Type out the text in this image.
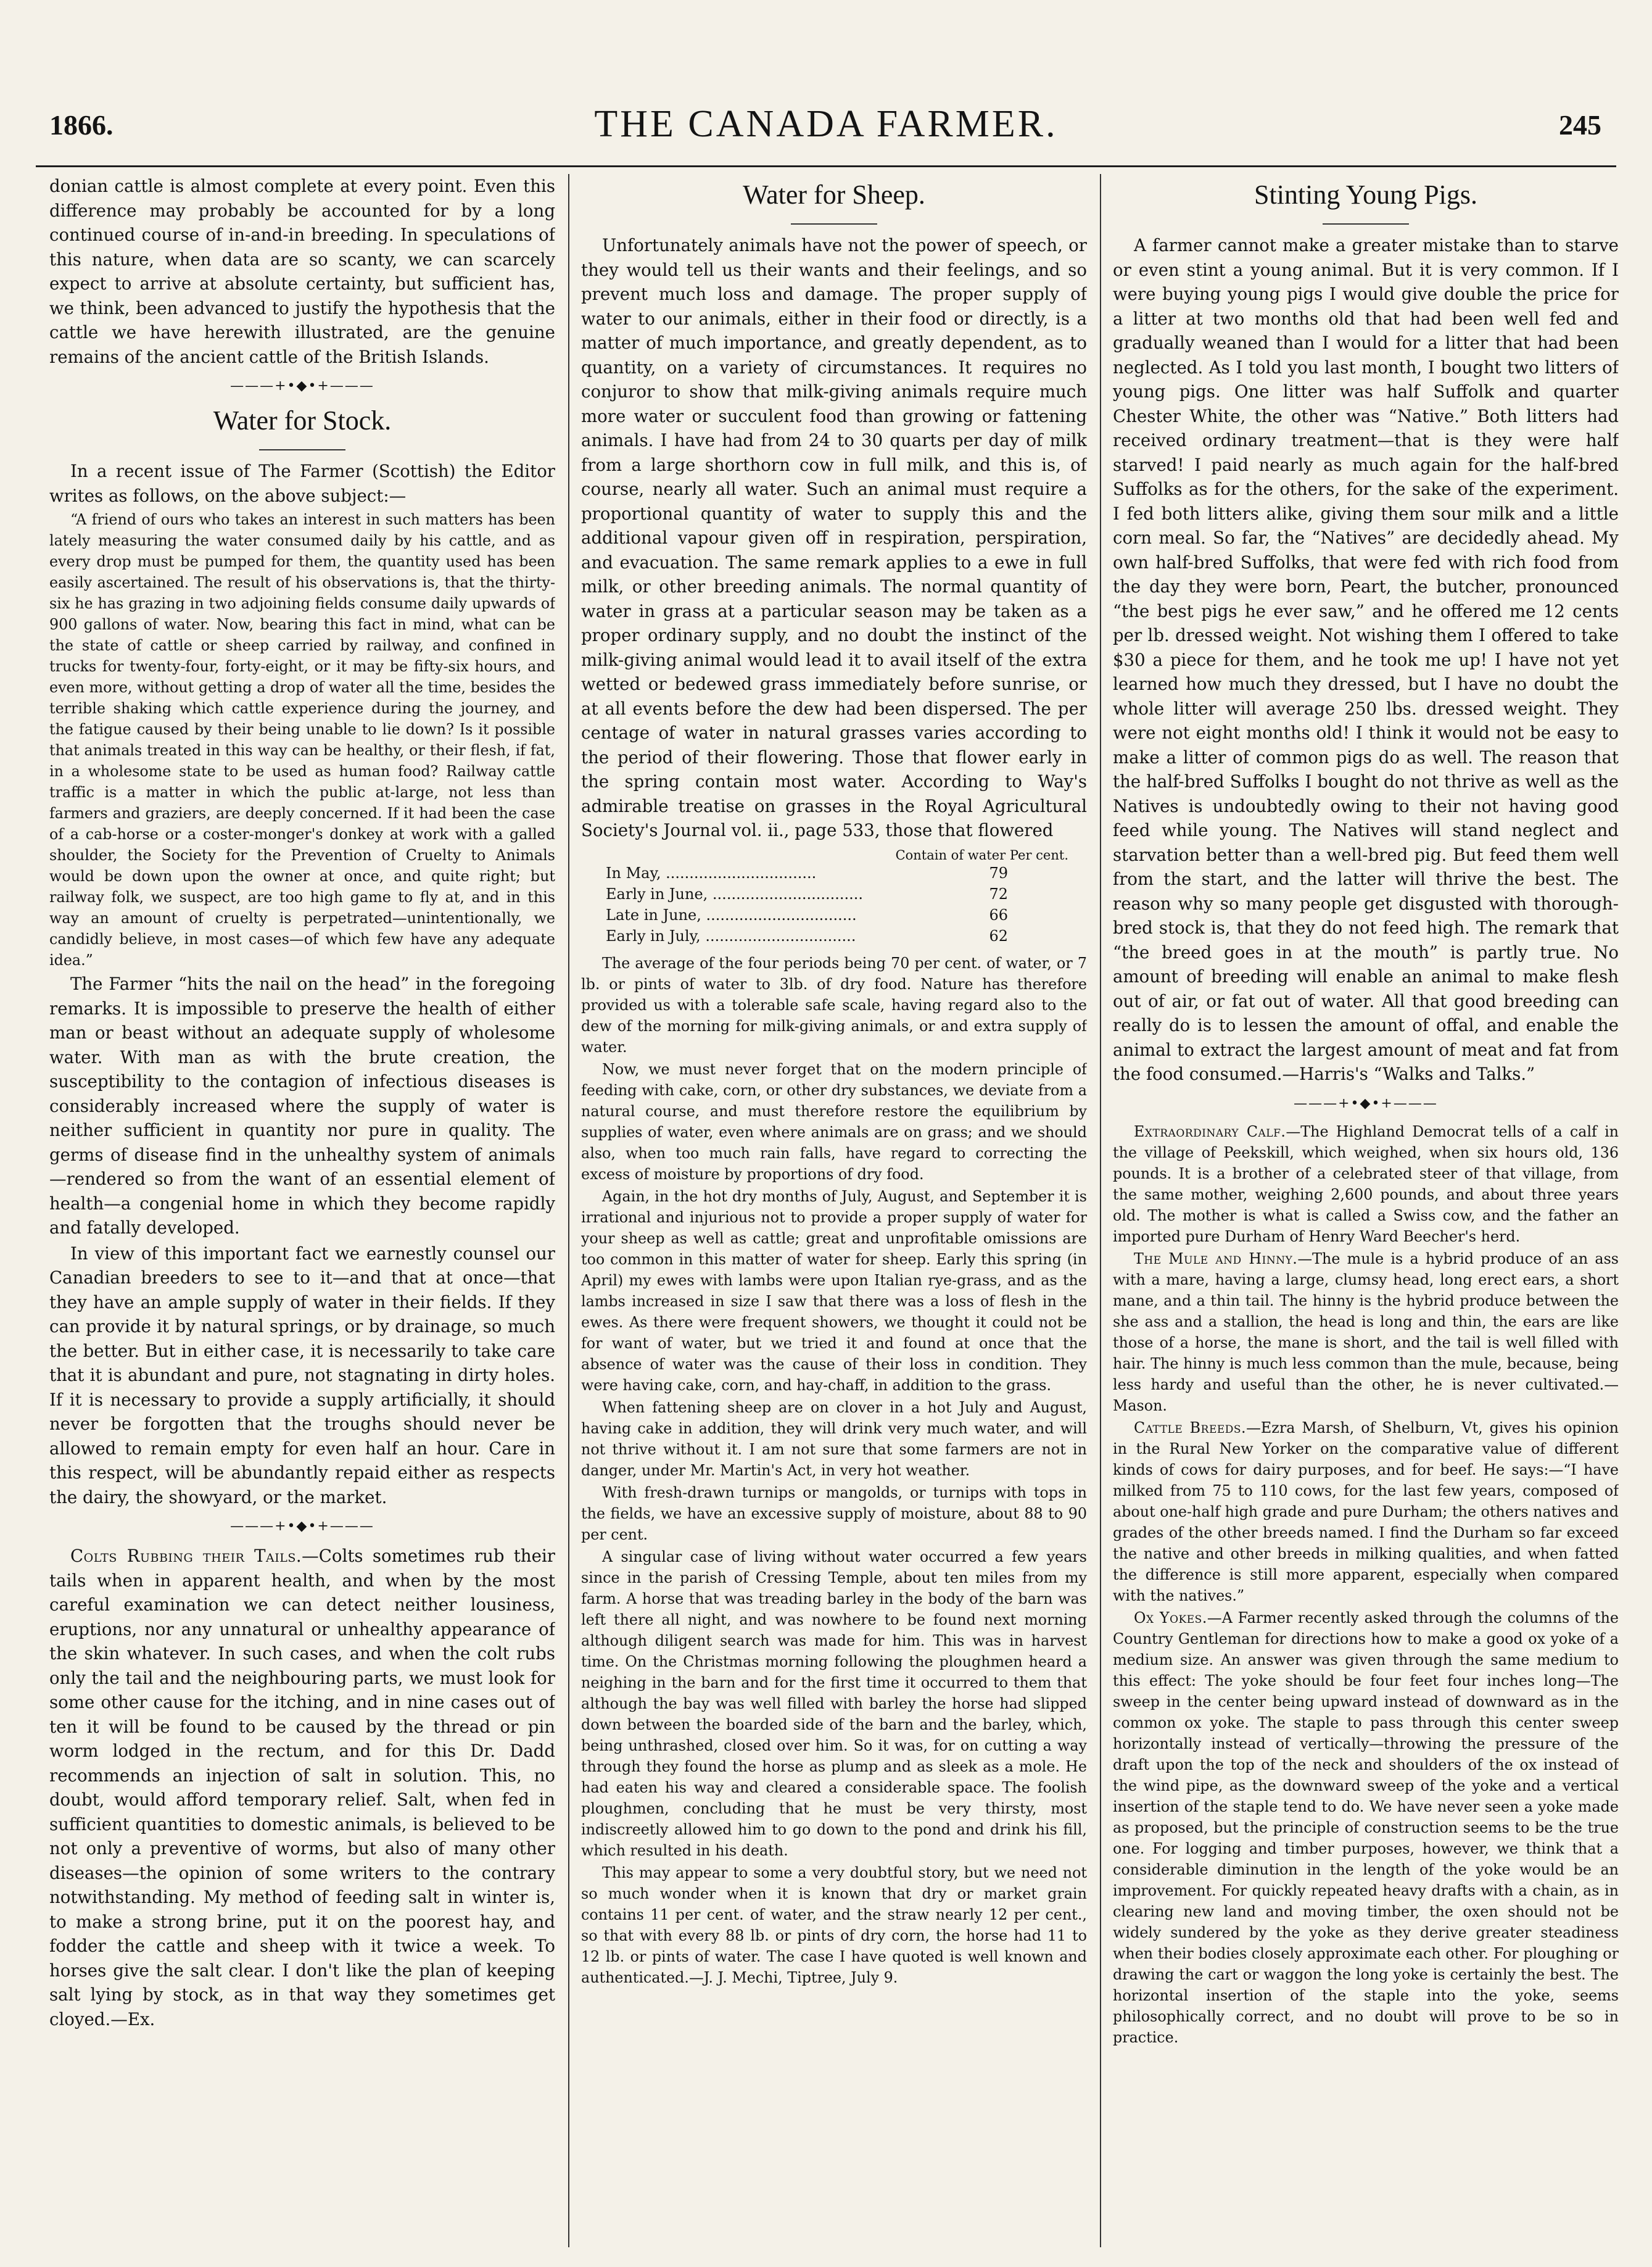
1866.	THE CANADA FARMER.	245

donian cattle is almost complete at every point. Even this difference may probably be accounted for by a long continued course of in-and-in breeding. In speculations of this nature, when data are so scanty, we can scarcely expect to arrive at absolute certainty, but sufficient has, we think, been advanced to justify the hypothesis that the cattle we have herewith illustrated, are the genuine remains of the ancient cattle of the British Islands.

———+•◆•+———
Water for Stock.

In a recent issue of The Farmer (Scottish) the Editor writes as follows, on the above subject:—

“A friend of ours who takes an interest in such matters has been lately measuring the water consumed daily by his cattle, and as every drop must be pumped for them, the quantity used has been easily ascertained. The result of his observations is, that the thirty-six he has grazing in two adjoining fields consume daily upwards of 900 gallons of water. Now, bearing this fact in mind, what can be the state of cattle or sheep carried by railway, and confined in trucks for twenty-four, forty-eight, or it may be fifty-six hours, and even more, without getting a drop of water all the time, besides the terrible shaking which cattle experience during the journey, and the fatigue caused by their being unable to lie down? Is it possible that animals treated in this way can be healthy, or their flesh, if fat, in a wholesome state to be used as human food? Railway cattle traffic is a matter in which the public at-large, not less than farmers and graziers, are deeply concerned. If it had been the case of a cab-horse or a coster-monger's donkey at work with a galled shoulder, the Society for the Prevention of Cruelty to Animals would be down upon the owner at once, and quite right; but railway folk, we suspect, are too high game to fly at, and in this way an amount of cruelty is perpetrated—unintentionally, we candidly believe, in most cases—of which few have any adequate idea.”

The Farmer “hits the nail on the head” in the foregoing remarks. It is impossible to preserve the health of either man or beast without an adequate supply of wholesome water. With man as with the brute creation, the susceptibility to the contagion of infectious diseases is considerably increased where the supply of water is neither sufficient in quantity nor pure in quality. The germs of disease find in the unhealthy system of animals—rendered so from the want of an essential element of health—a congenial home in which they become rapidly and fatally developed.

In view of this important fact we earnestly counsel our Canadian breeders to see to it—and that at once—that they have an ample supply of water in their fields. If they can provide it by natural springs, or by drainage, so much the better. But in either case, it is necessarily to take care that it is abundant and pure, not stagnating in dirty holes. If it is necessary to provide a supply artificially, it should never be forgotten that the troughs should never be allowed to remain empty for even half an hour. Care in this respect, will be abundantly repaid either as respects the dairy, the showyard, or the market.

———+•◆•+———

Colts Rubbing their Tails.—Colts sometimes rub their tails when in apparent health, and when by the most careful examination we can detect neither lousiness, eruptions, nor any unnatural or unhealthy appearance of the skin whatever. In such cases, and when the colt rubs only the tail and the neighbouring parts, we must look for some other cause for the itching, and in nine cases out of ten it will be found to be caused by the thread or pin worm lodged in the rectum, and for this Dr. Dadd recommends an injection of salt in solution. This, no doubt, would afford temporary relief. Salt, when fed in sufficient quantities to domestic animals, is believed to be not only a preventive of worms, but also of many other diseases—the opinion of some writers to the contrary notwithstanding. My method of feeding salt in winter is, to make a strong brine, put it on the poorest hay, and fodder the cattle and sheep with it twice a week. To horses give the salt clear. I don't like the plan of keeping salt lying by stock, as in that way they sometimes get cloyed.—Ex.

Water for Sheep.

Unfortunately animals have not the power of speech, or they would tell us their wants and their feelings, and so prevent much loss and damage. The proper supply of water to our animals, either in their food or directly, is a matter of much importance, and greatly dependent, as to quantity, on a variety of circumstances. It requires no conjuror to show that milk-giving animals require much more water or succulent food than growing or fattening animals. I have had from 24 to 30 quarts per day of milk from a large shorthorn cow in full milk, and this is, of course, nearly all water. Such an animal must require a proportional quantity of water to supply this and the additional vapour given off in respiration, perspiration, and evacuation. The same remark applies to a ewe in full milk, or other breeding animals. The normal quantity of water in grass at a particular season may be taken as a proper ordinary supply, and no doubt the instinct of the milk-giving animal would lead it to avail itself of the extra wetted or bedewed grass immediately before sunrise, or at all events before the dew had been dispersed. The per centage of water in natural grasses varies according to the period of their flowering. Those that flower early in the spring contain most water. According to Way's admirable treatise on grasses in the Royal Agricultural Society's Journal vol. ii., page 533, those that flowered

Contain of water Per cent.
In May, ................................	79
Early in June, ................................	72
Late in June, ................................	66
Early in July, ................................	62

The average of the four periods being 70 per cent. of water, or 7 lb. or pints of water to 3lb. of dry food. Nature has therefore provided us with a tolerable safe scale, having regard also to the dew of the morning for milk-giving animals, or and extra supply of water.

Now, we must never forget that on the modern principle of feeding with cake, corn, or other dry substances, we deviate from a natural course, and must therefore restore the equilibrium by supplies of water, even where animals are on grass; and we should also, when too much rain falls, have regard to correcting the excess of moisture by proportions of dry food.

Again, in the hot dry months of July, August, and September it is irrational and injurious not to provide a proper supply of water for your sheep as well as cattle; great and unprofitable omissions are too common in this matter of water for sheep. Early this spring (in April) my ewes with lambs were upon Italian rye-grass, and as the lambs increased in size I saw that there was a loss of flesh in the ewes. As there were frequent showers, we thought it could not be for want of water, but we tried it and found at once that the absence of water was the cause of their loss in condition. They were having cake, corn, and hay-chaff, in addition to the grass.

When fattening sheep are on clover in a hot July and August, having cake in addition, they will drink very much water, and will not thrive without it. I am not sure that some farmers are not in danger, under Mr. Martin's Act, in very hot weather.

With fresh-drawn turnips or mangolds, or turnips with tops in the fields, we have an excessive supply of moisture, about 88 to 90 per cent.

A singular case of living without water occurred a few years since in the parish of Cressing Temple, about ten miles from my farm. A horse that was treading barley in the body of the barn was left there all night, and was nowhere to be found next morning although diligent search was made for him. This was in harvest time. On the Christmas morning following the ploughmen heard a neighing in the barn and for the first time it occurred to them that although the bay was well filled with barley the horse had slipped down between the boarded side of the barn and the barley, which, being unthrashed, closed over him. So it was, for on cutting a way through they found the horse as plump and as sleek as a mole. He had eaten his way and cleared a considerable space. The foolish ploughmen, concluding that he must be very thirsty, most indiscreetly allowed him to go down to the pond and drink his fill, which resulted in his death.

This may appear to some a very doubtful story, but we need not so much wonder when it is known that dry or market grain contains 11 per cent. of water, and the straw nearly 12 per cent., so that with every 88 lb. or pints of dry corn, the horse had 11 to 12 lb. or pints of water. The case I have quoted is well known and authenticated.—J. J. Mechi, Tiptree, July 9.

Stinting Young Pigs.

A farmer cannot make a greater mistake than to starve or even stint a young animal. But it is very common. If I were buying young pigs I would give double the price for a litter at two months old that had been well fed and gradually weaned than I would for a litter that had been neglected. As I told you last month, I bought two litters of young pigs. One litter was half Suffolk and quarter Chester White, the other was “Native.” Both litters had received ordinary treatment—that is they were half starved! I paid nearly as much again for the half-bred Suffolks as for the others, for the sake of the experiment. I fed both litters alike, giving them sour milk and a little corn meal. So far, the “Natives” are decidedly ahead. My own half-bred Suffolks, that were fed with rich food from the day they were born, Peart, the butcher, pronounced “the best pigs he ever saw,” and he offered me 12 cents per lb. dressed weight. Not wishing them I offered to take $30 a piece for them, and he took me up! I have not yet learned how much they dressed, but I have no doubt the whole litter will average 250 lbs. dressed weight. They were not eight months old! I think it would not be easy to make a litter of common pigs do as well. The reason that the half-bred Suffolks I bought do not thrive as well as the Natives is undoubtedly owing to their not having good feed while young. The Natives will stand neglect and starvation better than a well-bred pig. But feed them well from the start, and the latter will thrive the best. The reason why so many people get disgusted with thorough-bred stock is, that they do not feed high. The remark that “the breed goes in at the mouth” is partly true. No amount of breeding will enable an animal to make flesh out of air, or fat out of water. All that good breeding can really do is to lessen the amount of offal, and enable the animal to extract the largest amount of meat and fat from the food consumed.—Harris's “Walks and Talks.”

———+•◆•+———

Extraordinary Calf.—The Highland Democrat tells of a calf in the village of Peekskill, which weighed, when six hours old, 136 pounds. It is a brother of a celebrated steer of that village, from the same mother, weighing 2,600 pounds, and about three years old. The mother is what is called a Swiss cow, and the father an imported pure Durham of Henry Ward Beecher's herd.

The Mule and Hinny.—The mule is a hybrid produce of an ass with a mare, having a large, clumsy head, long erect ears, a short mane, and a thin tail. The hinny is the hybrid produce between the she ass and a stallion, the head is long and thin, the ears are like those of a horse, the mane is short, and the tail is well filled with hair. The hinny is much less common than the mule, because, being less hardy and useful than the other, he is never cultivated.—Mason.

Cattle Breeds.—Ezra Marsh, of Shelburn, Vt, gives his opinion in the Rural New Yorker on the comparative value of different kinds of cows for dairy purposes, and for beef. He says:—“I have milked from 75 to 110 cows, for the last few years, composed of about one-half high grade and pure Durham; the others natives and grades of the other breeds named. I find the Durham so far exceed the native and other breeds in milking qualities, and when fatted the difference is still more apparent, especially when compared with the natives.”

Ox Yokes.—A Farmer recently asked through the columns of the Country Gentleman for directions how to make a good ox yoke of a medium size. An answer was given through the same medium to this effect: The yoke should be four feet four inches long—The sweep in the center being upward instead of downward as in the common ox yoke. The staple to pass through this center sweep horizontally instead of vertically—throwing the pressure of the draft upon the top of the neck and shoulders of the ox instead of the wind pipe, as the downward sweep of the yoke and a vertical insertion of the staple tend to do. We have never seen a yoke made as proposed, but the principle of construction seems to be the true one. For logging and timber purposes, however, we think that a considerable diminution in the length of the yoke would be an improvement. For quickly repeated heavy drafts with a chain, as in clearing new land and moving timber, the oxen should not be widely sundered by the yoke as they derive greater steadiness when their bodies closely approximate each other. For ploughing or drawing the cart or waggon the long yoke is certainly the best. The horizontal insertion of the staple into the yoke, seems philosophically correct, and no doubt will prove to be so in practice.
